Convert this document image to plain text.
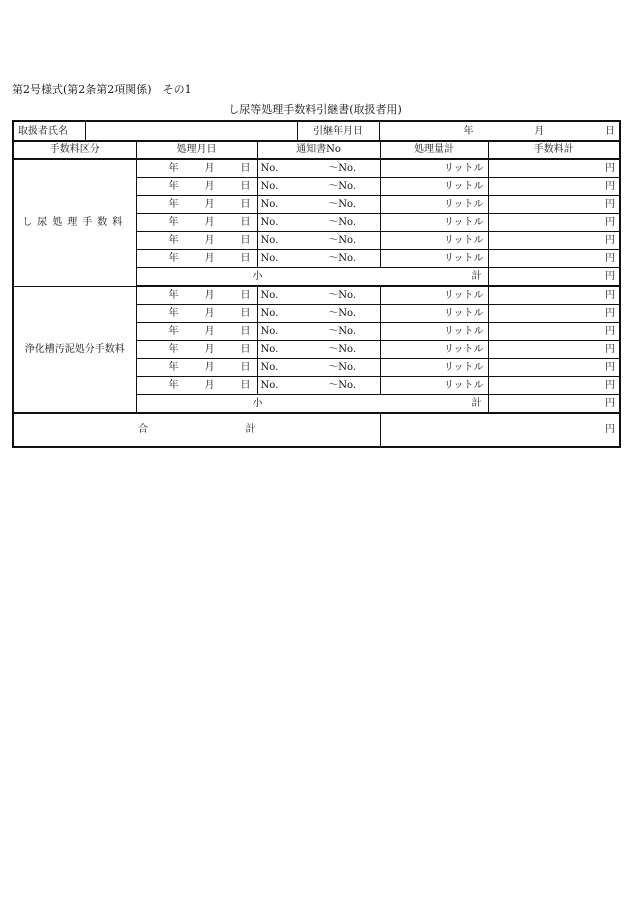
第2号様式(第2条第2項関係)　その1
し尿等処理手数料引継書(取扱者用)
取扱者氏名		引継年月日	年	月	日
手数料区分	処理月日	通知書No	処理量計	手数料計
し尿処理手数料	年 月 日	No. 〜No.	リットル	円

	年 月 日	No. 〜No.	リットル	円

	年 月 日	No. 〜No.	リットル	円

	年 月 日	No. 〜No.	リットル	円

	年 月 日	No. 〜No.	リットル	円

	年 月 日	No. 〜No.	リットル	円

	小 計			円
浄化槽汚泥処分手数料	年 月 日	No. 〜No.	リットル	円

	年 月 日	No. 〜No.	リットル	円

	年 月 日	No. 〜No.	リットル	円

	年 月 日	No. 〜No.	リットル	円

	年 月 日	No. 〜No.	リットル	円

	年 月 日	No. 〜No.	リットル	円

	小 計			円

合 計			円	
